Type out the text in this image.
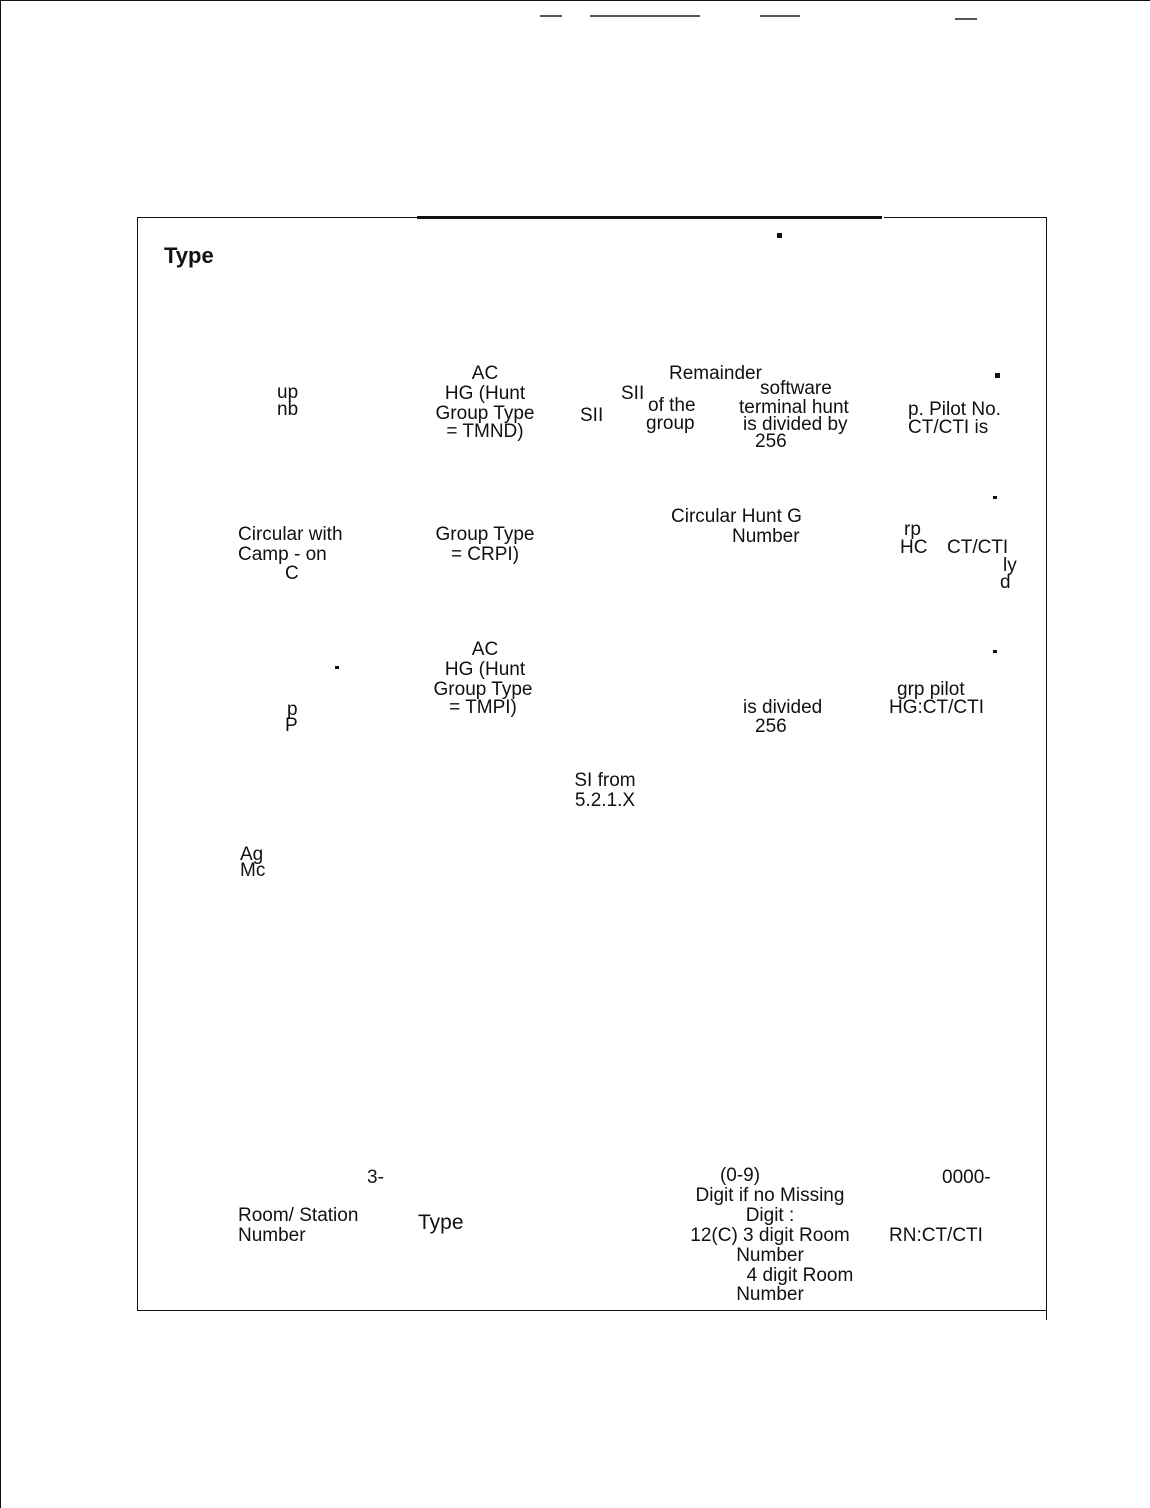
Type
up
nb
AC
HG (Hunt
Group Type
= TMND)
SII
SII of the
group
Remainder
software
terminal hunt
is divided by
256
p. Pilot No.
CT/CTI is
Circular with
Camp - on
C
Group Type
= CRPI)
Circular Hunt G
Number	rp
HC CT/CTI
ly
d
p
P
AC
HG (Hunt
Group Type
= TMPI)	is divided
256
grp pilot
HG:CT/CTI
SI from
5.2.1.X
Ag
Mc
3-
Room/ Station
Number
Type
(0-9)
Digit if no Missing
Digit :
12(C) 3 digit Room
Number
4 digit Room
Number
0000-
RN:CT/CTI
